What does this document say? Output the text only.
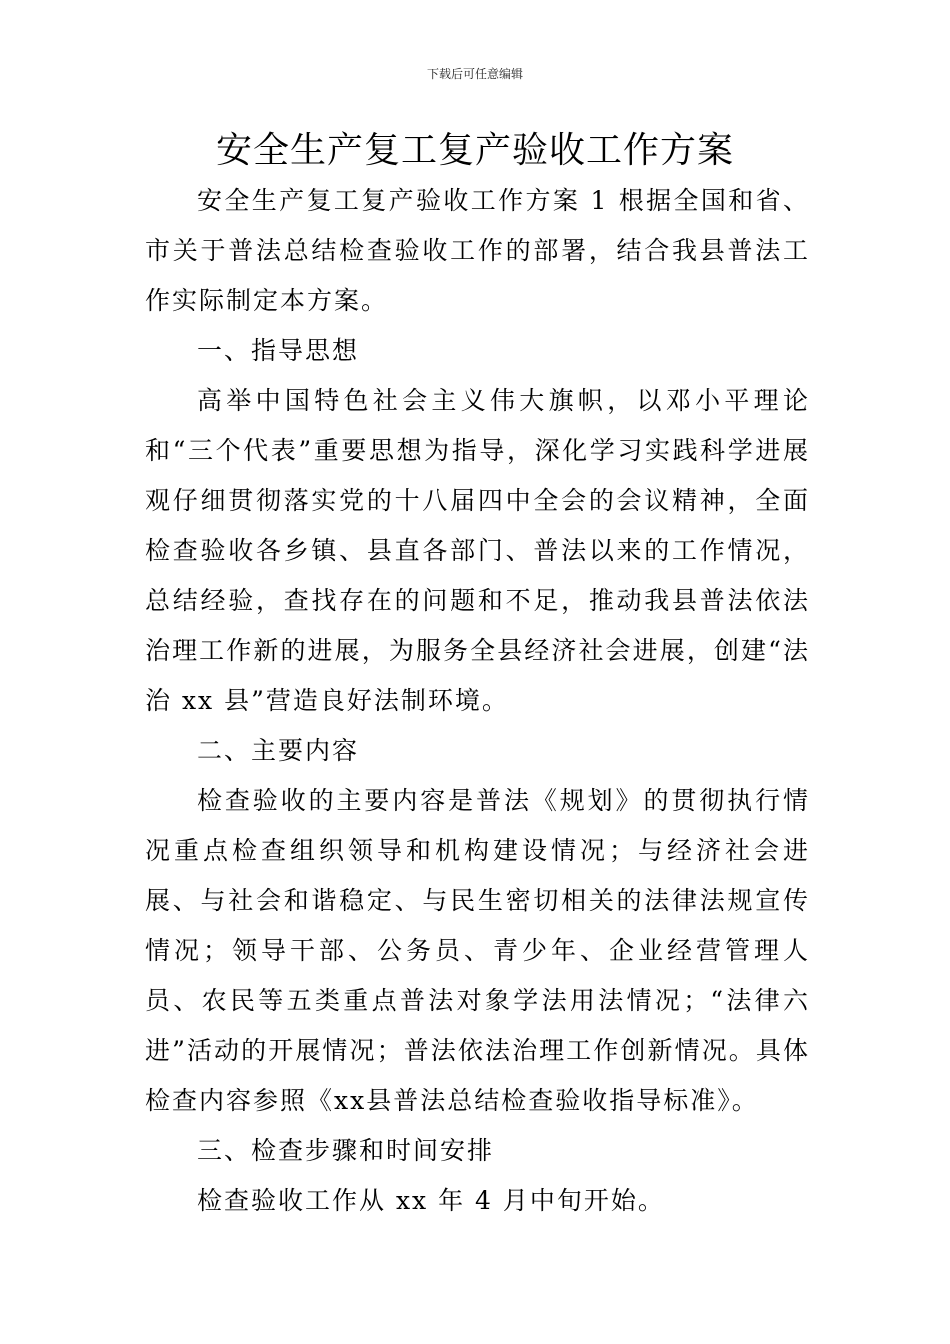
下载后可任意编辑
安全生产复工复产验收工作方案

安全生产复工复产验收工作方案 1 根据全国和省、市关于普法总结检查验收工作的部署，结合我县普法工作实际制定本方案。

一、指导思想

高举中国特色社会主义伟大旗帜，以邓小平理论和“三个代表”重要思想为指导，深化学习实践科学进展观仔细贯彻落实党的十八届四中全会的会议精神，全面检查验收各乡镇、县直各部门、普法以来的工作情况，总结经验，查找存在的问题和不足，推动我县普法依法治理工作新的进展，为服务全县经济社会进展，创建“法治 xx 县”营造良好法制环境。

二、主要内容

检查验收的主要内容是普法《规划》的贯彻执行情况重点检查组织领导和机构建设情况；与经济社会进展、与社会和谐稳定、与民生密切相关的法律法规宣传情况；领导干部、公务员、青少年、企业经营管理人员、农民等五类重点普法对象学法用法情况；“法律六进”活动的开展情况；普法依法治理工作创新情况。具体检查内容参照《xx县普法总结检查验收指导标准》。

三、检查步骤和时间安排

检查验收工作从 xx 年 4 月中旬开始。
